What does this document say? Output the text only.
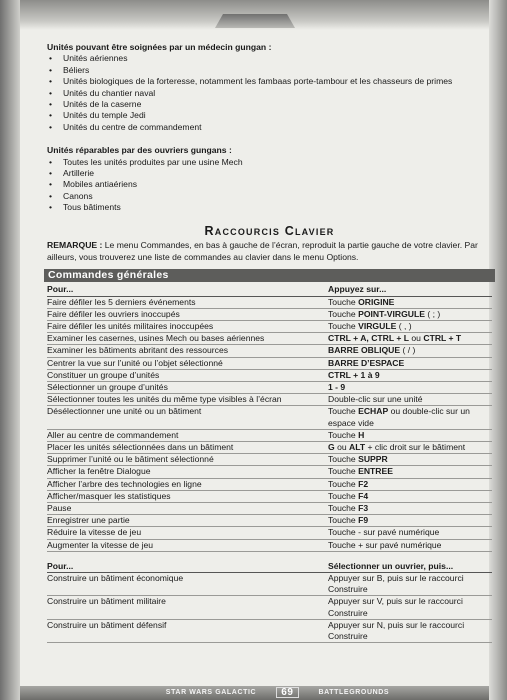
STAR WARS GALACTIC	69	BATTLEGROUNDS

Unités pouvant être soignées par un médecin gungan :

• Unités aériennes
• Béliers
• Unités biologiques de la forteresse, notamment les fambaas porte-tambour et les chasseurs de primes
• Unités du chantier naval
• Unités de la caserne
• Unités du temple Jedi
• Unités du centre de commandement

Unités réparables par des ouvriers gungans :

• Toutes les unités produites par une usine Mech
• Artillerie
• Mobiles antiaériens
• Canons
• Tous bâtiments
Raccourcis Clavier

REMARQUE : Le menu Commandes, en bas à gauche de l’écran, reproduit la partie gauche de votre clavier. Par ailleurs, vous trouverez une liste de commandes au clavier dans le menu Options.

Commandes générales
Pour...	Appuyez sur...
Faire défiler les 5 derniers événements	Touche ORIGINE
Faire défiler les ouvriers inoccupés	Touche POINT-VIRGULE ( ; )
Faire défiler les unités militaires inoccupées	Touche VIRGULE ( , )
Examiner les casernes, usines Mech ou bases aériennes	CTRL + A, CTRL + L ou CTRL + T
Examiner les bâtiments abritant des ressources	BARRE OBLIQUE ( / )
Centrer la vue sur l’unité ou l’objet sélectionné	BARRE D’ESPACE
Constituer un groupe d’unités	CTRL + 1 à 9
Sélectionner un groupe d’unités	1 - 9
Sélectionner toutes les unités du même type visibles à l’écran	Double-clic sur une unité
Désélectionner une unité ou un bâtiment	Touche ECHAP ou double-clic sur un espace vide
Aller au centre de commandement	Touche H
Placer les unités sélectionnées dans un bâtiment	G ou ALT + clic droit sur le bâtiment
Supprimer l’unité ou le bâtiment sélectionné	Touche SUPPR
Afficher la fenêtre Dialogue	Touche ENTREE
Afficher l’arbre des technologies en ligne	Touche F2
Afficher/masquer les statistiques	Touche F4
Pause	Touche F3
Enregistrer une partie	Touche F9
Réduire la vitesse de jeu	Touche - sur pavé numérique
Augmenter la vitesse de jeu	Touche + sur pavé numérique
Pour...	Sélectionner un ouvrier, puis...
Construire un bâtiment économique	Appuyer sur B, puis sur le raccourci Construire
Construire un bâtiment militaire	Appuyer sur V, puis sur le raccourci Construire
Construire un bâtiment défensif	Appuyer sur N, puis sur le raccourci Construire
